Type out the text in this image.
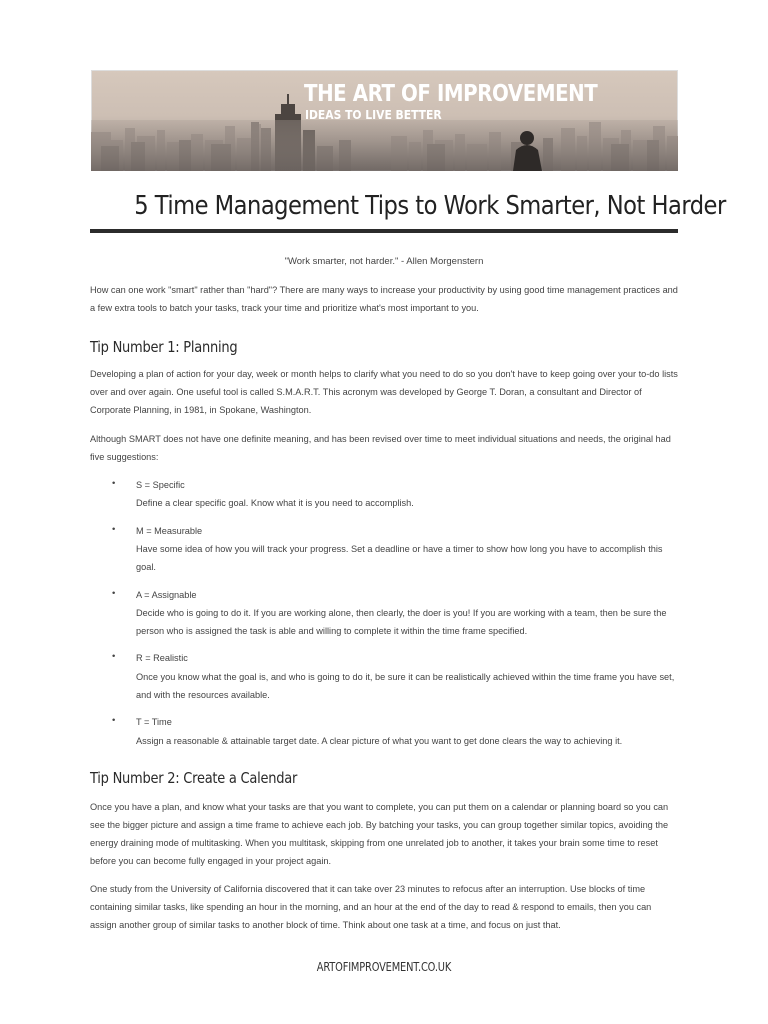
THE ART OF IMPROVEMENT
IDEAS TO LIVE BETTER
5 Time Management Tips to Work Smarter, Not Harder
"Work smarter, not harder." - Allen Morgenstern

How can one work "smart" rather than "hard"? There are many ways to increase your productivity by using good time management practices and a few extra tools to batch your tasks, track your time and prioritize what's most important to you.

Tip Number 1: Planning

Developing a plan of action for your day, week or month helps to clarify what you need to do so you don't have to keep going over your to-do lists over and over again. One useful tool is called S.M.A.R.T. This acronym was developed by George T. Doran, a consultant and Director of Corporate Planning, in 1981, in Spokane, Washington.

Although SMART does not have one definite meaning, and has been revised over time to meet individual situations and needs, the original had five suggestions:

• S = Specific
Define a clear specific goal. Know what it is you need to accomplish.
• M = Measurable
Have some idea of how you will track your progress. Set a deadline or have a timer to show how long you have to accomplish this goal.
• A = Assignable
Decide who is going to do it. If you are working alone, then clearly, the doer is you! If you are working with a team, then be sure the person who is assigned the task is able and willing to complete it within the time frame specified.
• R = Realistic
Once you know what the goal is, and who is going to do it, be sure it can be realistically achieved within the time frame you have set, and with the resources available.
• T = Time
Assign a reasonable & attainable target date. A clear picture of what you want to get done clears the way to achieving it.
Tip Number 2: Create a Calendar

Once you have a plan, and know what your tasks are that you want to complete, you can put them on a calendar or planning board so you can see the bigger picture and assign a time frame to achieve each job. By batching your tasks, you can group together similar topics, avoiding the energy draining mode of multitasking. When you multitask, skipping from one unrelated job to another, it takes your brain some time to reset before you can become fully engaged in your project again.

One study from the University of California discovered that it can take over 23 minutes to refocus after an interruption. Use blocks of time containing similar tasks, like spending an hour in the morning, and an hour at the end of the day to read & respond to emails, then you can assign another group of similar tasks to another block of time. Think about one task at a time, and focus on just that.

ARTOFIMPROVEMENT.CO.UK
